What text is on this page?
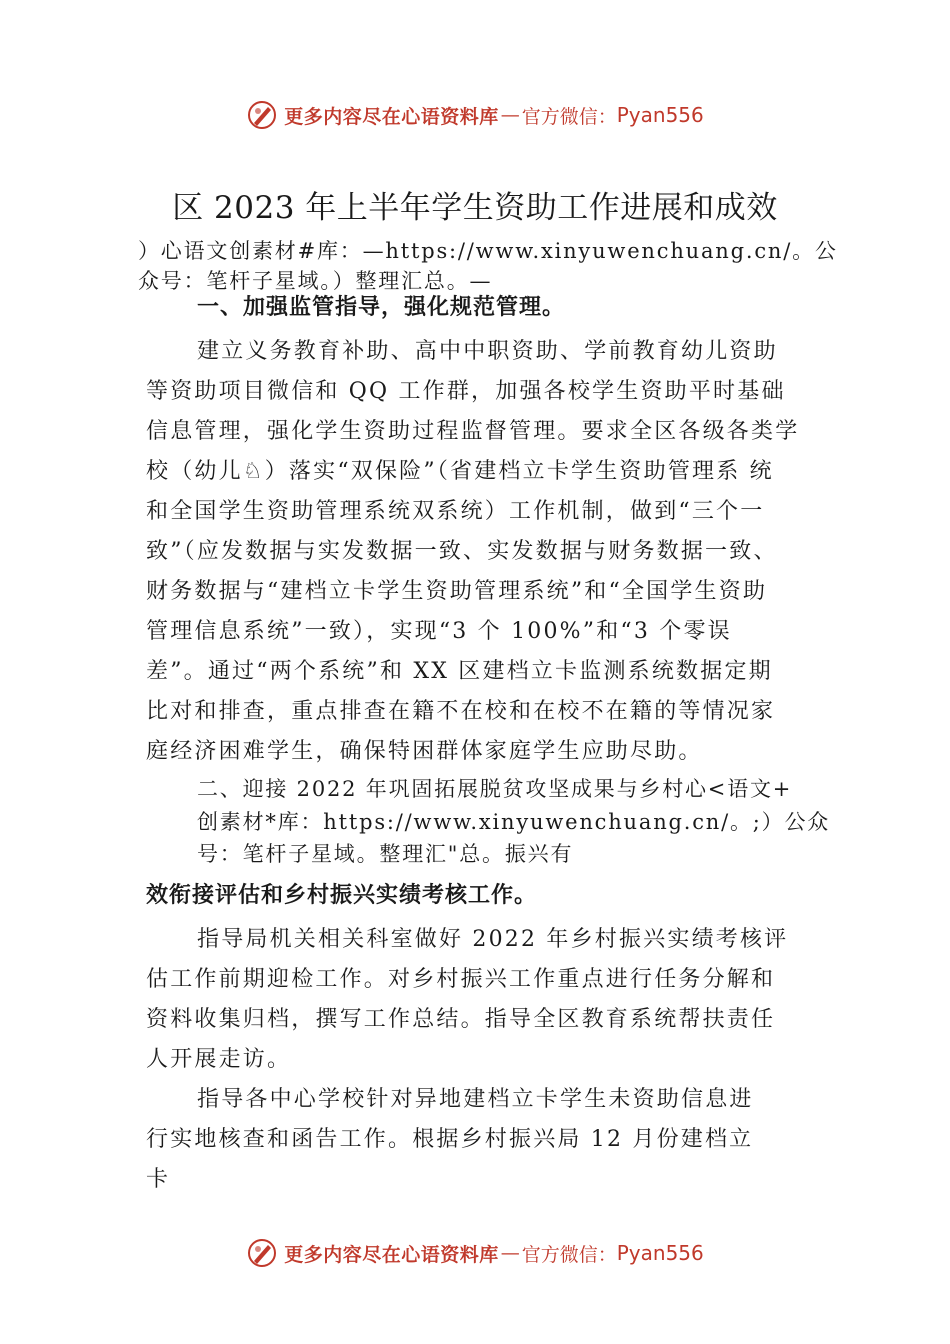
更多内容尽在心语资料库 — 官方微信： Pyan556
区 2023 年上半年学生资助工作进展和成效
）心语文创素材#库：—https://www.xinyuwenchuang.cn/。公
众号：笔杆子星域。）整理汇总。—
一、加强监管指导，强化规范管理。
建立义务教育补助、高中中职资助、学前教育幼儿资助
等资助项目微信和 QQ 工作群，加强各校学生资助平时基础
信息管理，强化学生资助过程监督管理。要求全区各级各类学
校（幼儿♘）落实“双保险”（省建档立卡学生资助管理系 统
和全国学生资助管理系统双系统）工作机制，做到“三个一
致”（应发数据与实发数据一致、实发数据与财务数据一致、
财务数据与“建档立卡学生资助管理系统”和“全国学生资助
管理信息系统”一致），实现“3 个 100%”和“3 个零误
差”。通过“两个系统”和 XX 区建档立卡监测系统数据定期
比对和排查，重点排查在籍不在校和在校不在籍的等情况家
庭经济困难学生，确保特困群体家庭学生应助尽助。
二、迎接 2022 年巩固拓展脱贫攻坚成果与乡村心<语文+
创素材*库：https://www.xinyuwenchuang.cn/。;）公众
号：笔杆子星域。整理汇"总。振兴有
效衔接评估和乡村振兴实绩考核工作。
指导局机关相关科室做好 2022 年乡村振兴实绩考核评
估工作前期迎检工作。对乡村振兴工作重点进行任务分解和
资料收集归档，撰写工作总结。指导全区教育系统帮扶责任
人开展走访。
指导各中心学校针对异地建档立卡学生未资助信息进
行实地核查和函告工作。根据乡村振兴局 12 月份建档立
卡
更多内容尽在心语资料库 — 官方微信： Pyan556
